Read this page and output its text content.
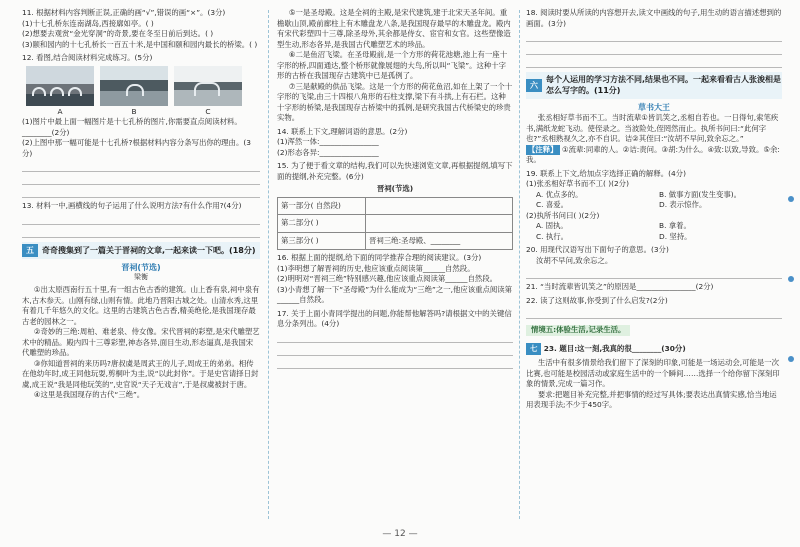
11. 根据材料内容判断正误,正确的画“√”,错误的画“×”。(3分)
(1)十七孔桥东连南湖岛,西接廓如亭。( )
(2)想要去观赏“金光穿洞”的奇景,要在冬至日前后到达。( )
(3)颐和园内的十七孔桥长一百五十米,是中国和颐和园内最长的桥梁。( )
12. 看图,结合阅读材料完成练习。(5分)
A	B	C
(1)图片中最上面一幅图片是十七孔桥的图片,你需要直点阅读材料。________(2分)
(2)上图中那一幅可能是十七孔桥?根据材料内容分条写出你的理由。(3分)
13. 材料一中,画横线的句子运用了什么说明方法?有什么作用?(4分)
五	奇奇搜集到了一篇关于晋祠的文章,一起来读一下吧。(18分)
晋祠(节选)
梁衡
①出太原西南行五十里,有一组古色古香的建筑。山上香有泉,祠中泉有木,古木参天。山刚有绿,山则有情。此地乃晋阳古城之处。山清水秀,这里有着几千年悠久的文化。这里的古建筑古色古香,精美绝伦,是我国现存最古老的园林之一。
②奇妙的三绝:周柏、难老泉、侍女像。宋代晋祠的彩塑,是宋代雕塑艺术中的精品。殿内四十三尊彩塑,神态各异,面目生动,形态逼真,是我国宋代雕塑的珍品。
③你知道晋祠的来历吗?唐叔虞是周武王的儿子,周成王的弟弟。相传在他幼年时,成王同他玩耍,剪桐叶为圭,说“以此封你”。于是史官请择日封虞,成王说“我是同他玩笑的”,史官说“天子无戏言”,于是叔虞被封于唐。
④这里是我国现存的古代“三绝”。
⑤一是圣母殿。这是全祠的主殿,是宋代建筑,建于北宋天圣年间。重檐歇山顶,殿前廊柱上有木雕盘龙八条,是我国现存最早的木雕盘龙。殿内有宋代彩塑四十三尊,除圣母外,其余都是侍女、宦官和女官。这些塑像造型生动,形态各异,是我国古代雕塑艺术的珍品。
⑥二是鱼沼飞梁。在圣母殿前,是一个方形的荷花池塘,池上有一座十字形的桥,四面通达,整个桥形就像展翅的大鸟,所以叫“飞梁”。这种十字形的古桥在我国现存古建筑中已是孤例了。
⑦三是献殿的供品飞梁。这是一个方形的荷花鱼沼,如在上架了一个十字形的飞梁,由三十四根八角形的石柱支撑,梁下有斗拱,上有石栏。这种十字形的桥梁,是我国现存古桥梁中的孤例,是研究我国古代桥梁史的珍贵实物。
14. 联系上下文,理解词语的意思。(2分)
(1)浑然一体:________________
(2)形态各异:________________
15. 为了便于看文章的结构,我们可以先快速浏览文章,再根据提纲,填写下面的提纲,补充完整。(6分)
晋祠(节选)
第一部分( 自然段)	
第二部分( )	
第三部分( )	晋祠三绝:圣母殿、________
16. 根据上面的提纲,给下面的同学推荐合理的阅读建议。(3分)
(1)李明想了解晋祠的历史,他应该重点阅读第______自然段。
(2)明明对“晋祠三绝”特别感兴趣,他应该重点阅读第______自然段。
(3)小青想了解一下“圣母殿”为什么能成为“三绝”之一,他应该重点阅读第______自然段。
17. 关于上面小青同学提出的问题,你能帮他解答吗?请根据文中的关键信息分条列出。(4分)
18. 阅读时要从所读的内容想开去,读文中画线的句子,用生动的语言描述想到的画面。(3分)
六
每个人运用的学习方法不同,结果也不同。一起来看看古人张浚相是怎么写字的。(11分)
草书大王
张丞相好草书而不工。当时流辈①皆讥笑之,丞相自若也。一日得句,索笔疾书,满纸龙蛇飞动。使侄录之。当波险处,侄罔然而止。执所书问曰:“此何字也?”丞相熟视久之,亦不自识。诘②其侄曰:“汝胡不早问,致余忘之。”
【注释】 ①流辈:同辈的人。②诘:责问。③胡:为什么。④致:以致,导致。⑤余:我。
19. 联系上下文,给加点字选择正确的解释。(4分)
(1)张丞相好草书而不工( )(2分)
A. 优点多的。	B. 做事方面(发生变事)。
C. 喜爱。	D. 表示惊作。
(2)执所书问曰( )(2分)
A. 固执。	B. 拿着。
C. 执行。	D. 坚持。
20. 用现代汉语写出下面句子的意思。(3分)
汝胡不早问,致余忘之。
21. “当时流辈皆讥笑之”的原因是________________(2分)
22. 读了这则故事,你受到了什么启发?(2分)
情境五:体验生活,记录生活。
七 23. 题目:这一刻,我真的很________(30分)
生活中有很多情景给我们留下了深刻的印象,可能是一场运动会,可能是一次比赛,也可能是校园活动或家庭生活中的一个瞬间……选择一个给你留下深刻印象的情景,完成一篇习作。
要求:把题目补充完整,并把事情的经过写具体;要表达出真情实感,恰当地运用表现手法;不少于450字。
— 12 —
